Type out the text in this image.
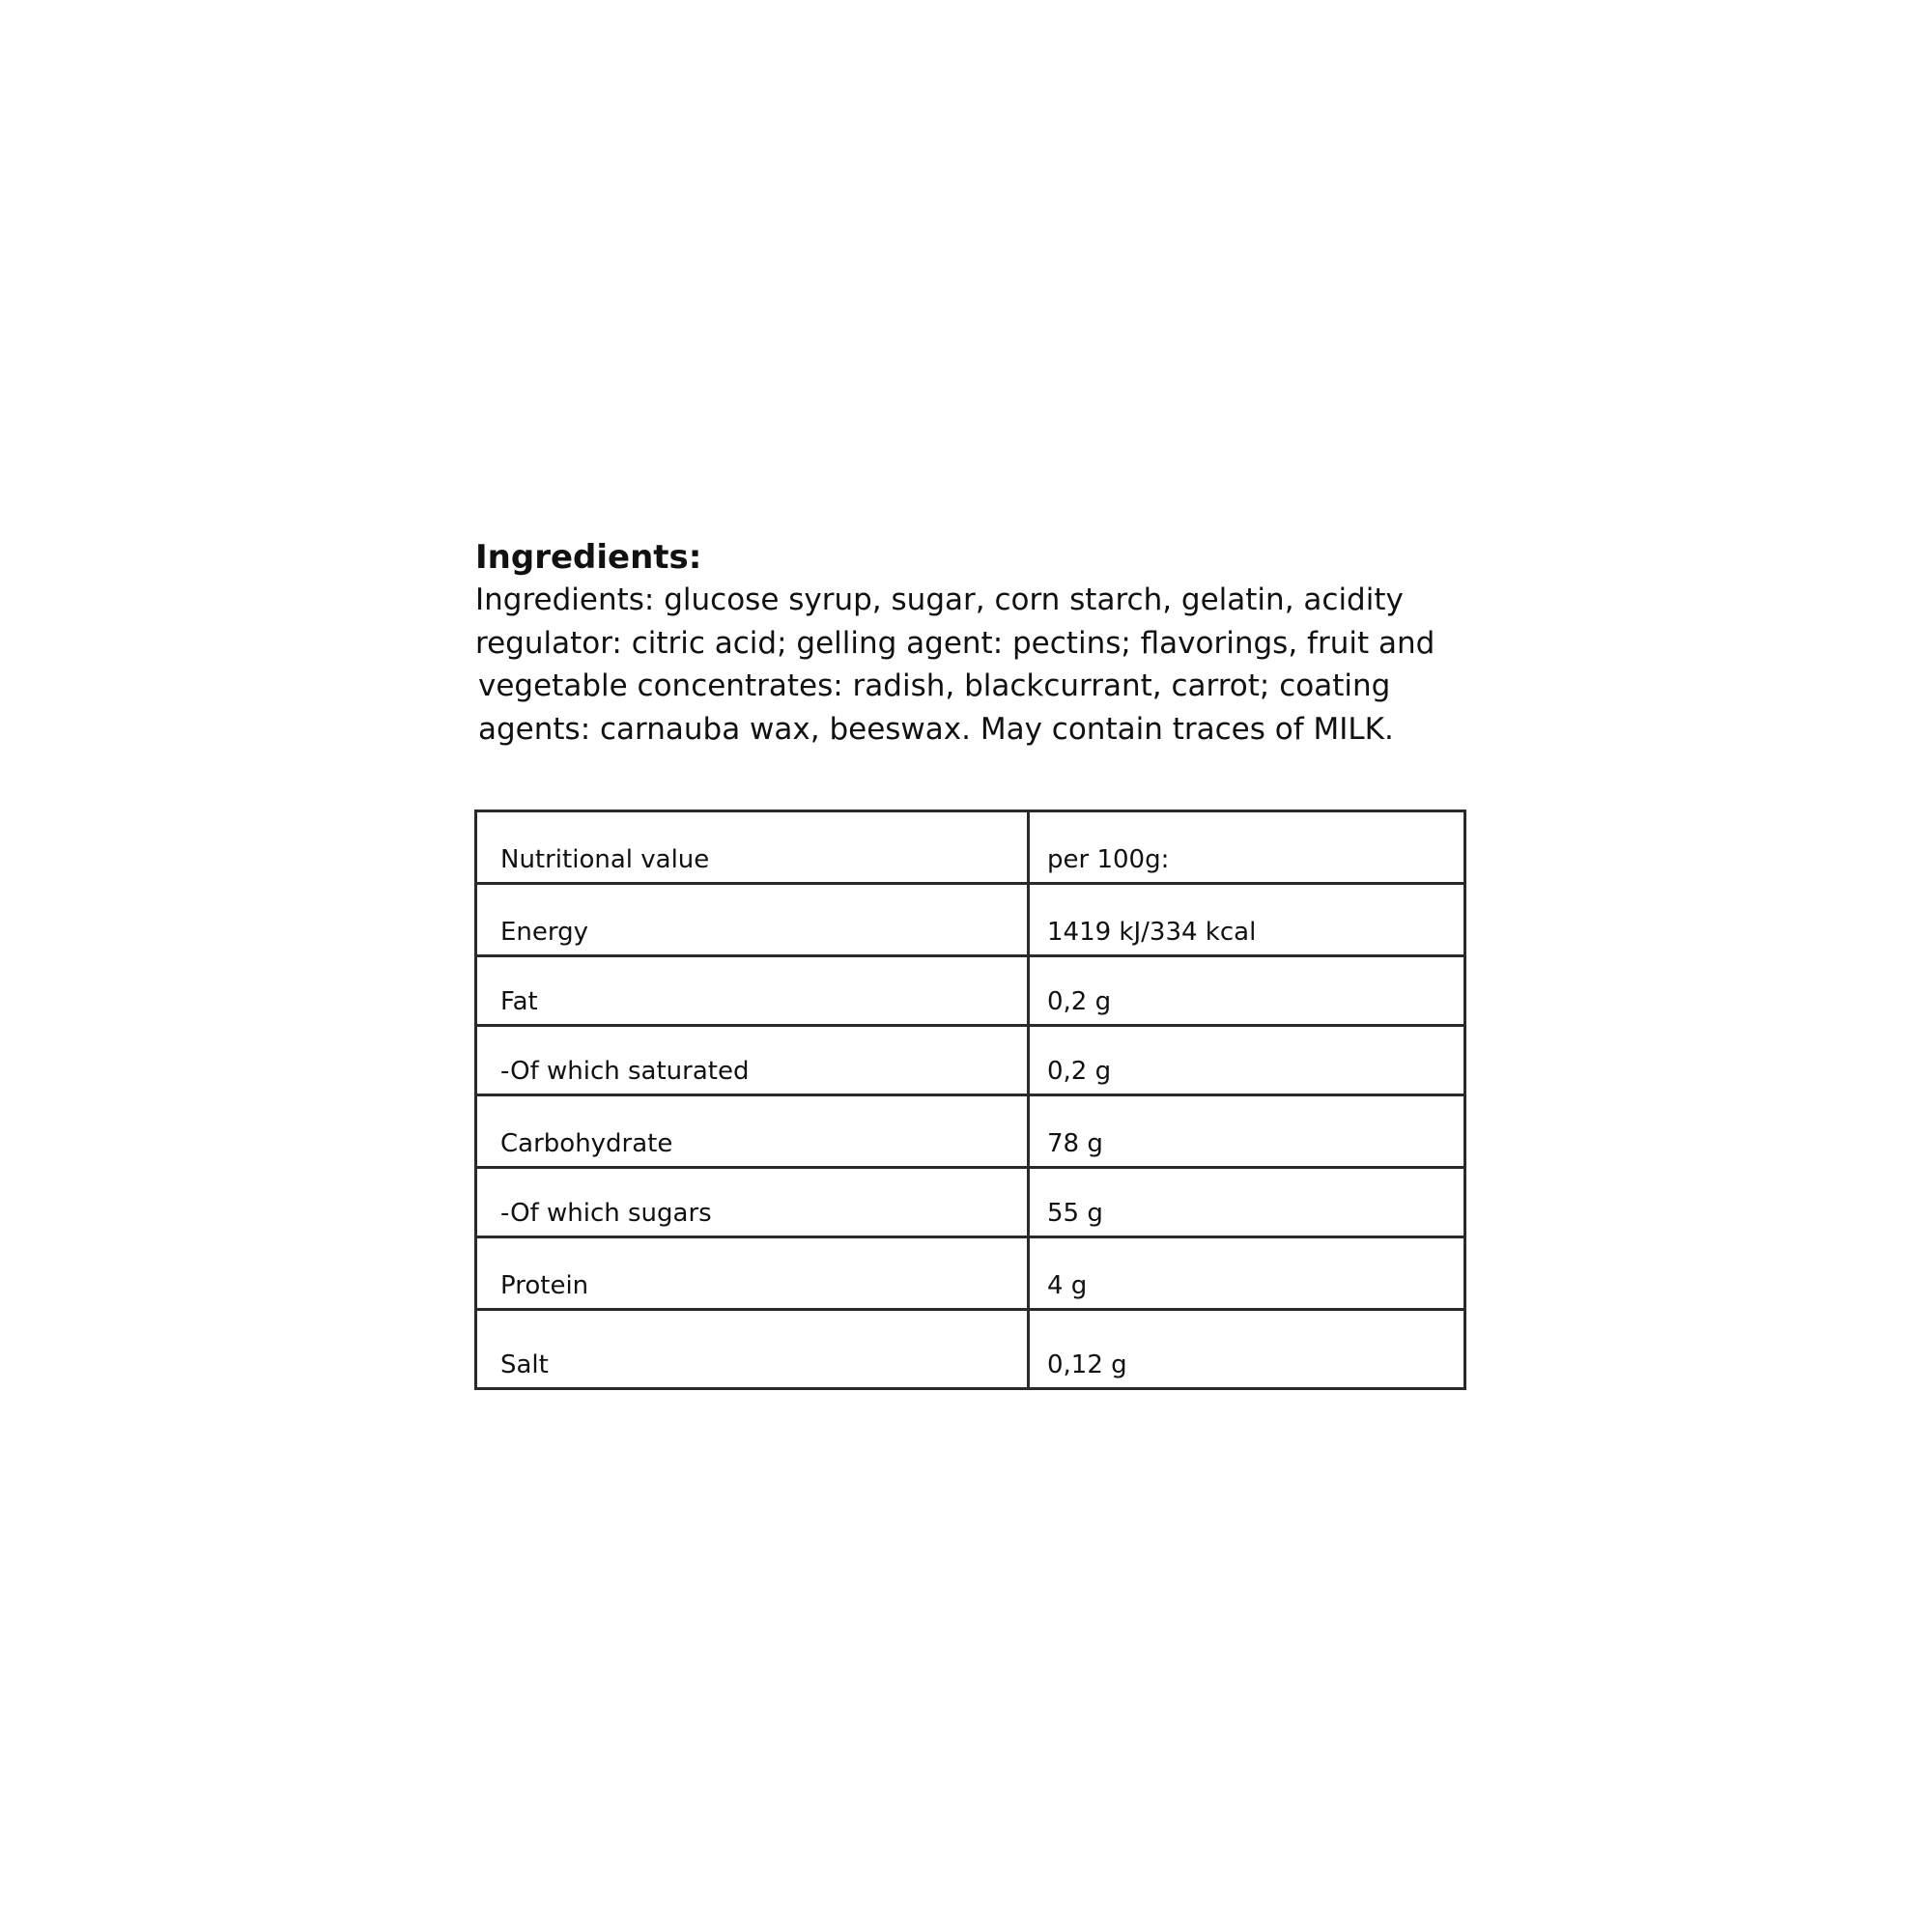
Ingredients:

Ingredients: glucose syrup, sugar, corn starch, gelatin, acidity
regulator: citric acid; gelling agent: pectins; flavorings, fruit and
vegetable concentrates: radish, blackcurrant, carrot; coating
agents: carnauba wax, beeswax. May contain traces of MILK.

Nutritional value	per 100g:
Energy	1419 kJ/334 kcal
Fat	0,2 g
-Of which saturated	0,2 g
Carbohydrate	78 g
-Of which sugars	55 g
Protein	4 g
Salt	0,12 g
